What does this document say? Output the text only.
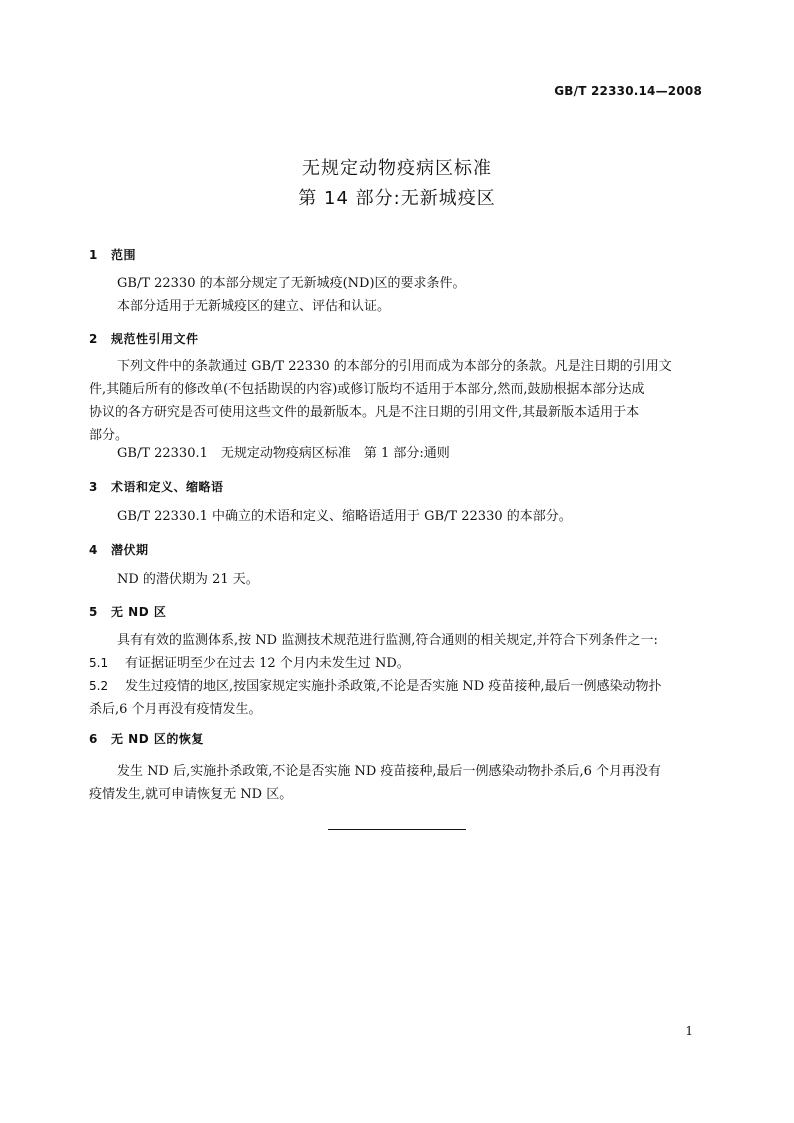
GB/T 22330.14—2008
无规定动物疫病区标准
第 14 部分:无新城疫区
1 范围
GB/T 22330 的本部分规定了无新城疫(ND)区的要求条件。
本部分适用于无新城疫区的建立、评估和认证。
2 规范性引用文件
下列文件中的条款通过 GB/T 22330 的本部分的引用而成为本部分的条款。凡是注日期的引用文
件,其随后所有的修改单(不包括勘误的内容)或修订版均不适用于本部分,然而,鼓励根据本部分达成
协议的各方研究是否可使用这些文件的最新版本。凡是不注日期的引用文件,其最新版本适用于本
部分。
GB/T 22330.1　无规定动物疫病区标准　第 1 部分:通则
3 术语和定义、缩略语
GB/T 22330.1 中确立的术语和定义、缩略语适用于 GB/T 22330 的本部分。
4 潜伏期
ND 的潜伏期为 21 天。
5 无 ND 区
具有有效的监测体系,按 ND 监测技术规范进行监测,符合通则的相关规定,并符合下列条件之一:
5.1 有证据证明至少在过去 12 个月内未发生过 ND。
5.2 发生过疫情的地区,按国家规定实施扑杀政策,不论是否实施 ND 疫苗接种,最后一例感染动物扑
杀后,6 个月再没有疫情发生。
6 无 ND 区的恢复
发生 ND 后,实施扑杀政策,不论是否实施 ND 疫苗接种,最后一例感染动物扑杀后,6 个月再没有
疫情发生,就可申请恢复无 ND 区。
1
